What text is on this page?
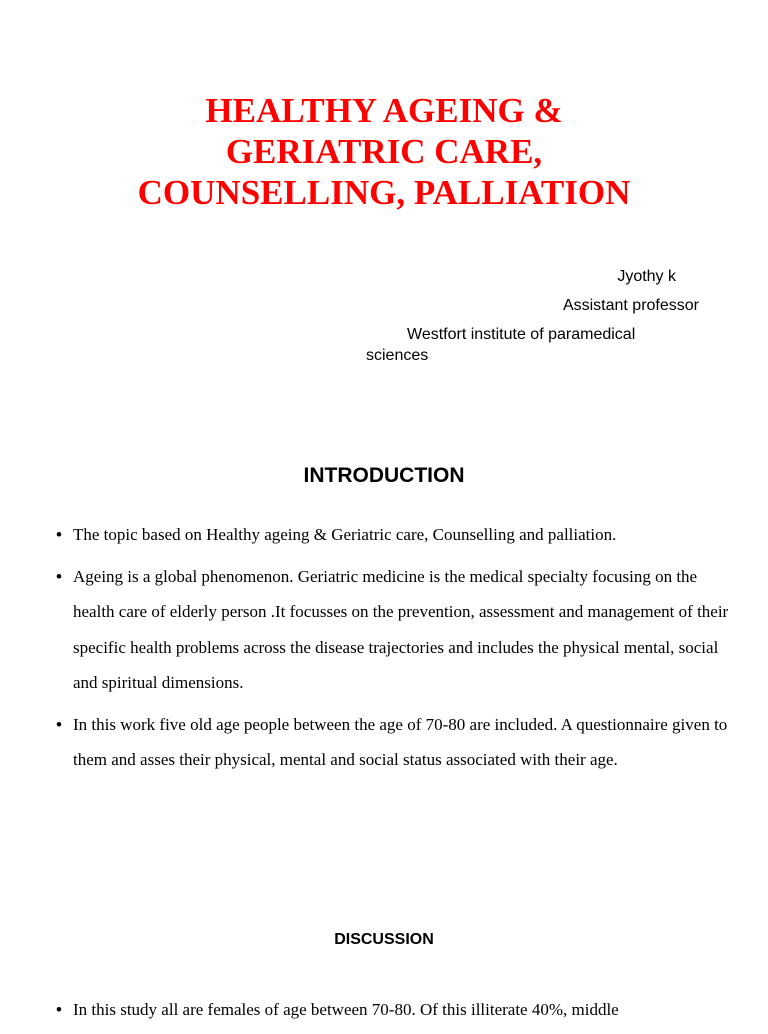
HEALTHY AGEING &
GERIATRIC CARE,
COUNSELLING, PALLIATION
Jyothy k
Assistant professor
Westfort institute of paramedical
sciences
INTRODUCTION
• The topic based on Healthy ageing & Geriatric care, Counselling and palliation.
• Ageing is a global phenomenon. Geriatric medicine is the medical specialty focusing on the health care of elderly person .It focusses on the prevention, assessment and management of their specific health problems across the disease trajectories and includes the physical mental, social and spiritual dimensions.
• In this work five old age people between the age of 70-80 are included. A questionnaire given to them and asses their physical, mental and social status associated with their age.
DISCUSSION
• In this study all are females of age between 70-80. Of this illiterate 40%, middle
